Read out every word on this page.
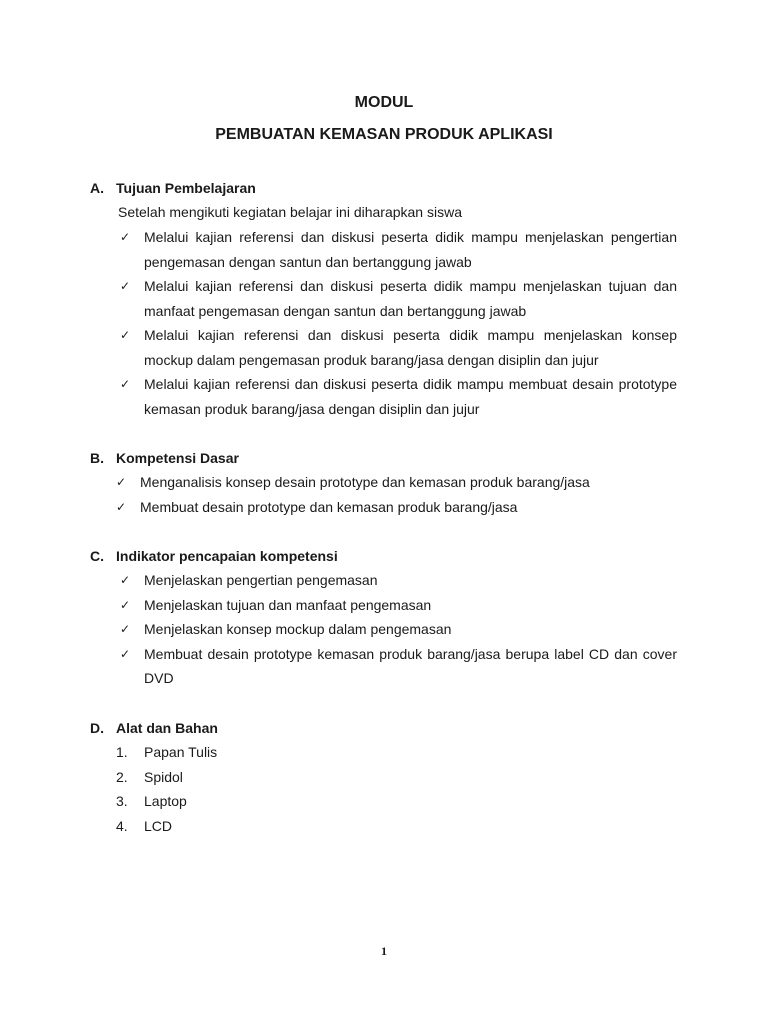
MODUL
PEMBUATAN KEMASAN PRODUK APLIKASI
A. Tujuan Pembelajaran

Setelah mengikuti kegiatan belajar ini diharapkan siswa

✓ Melalui kajian referensi dan diskusi peserta didik mampu menjelaskan pengertian pengemasan dengan santun dan bertanggung jawab
✓ Melalui kajian referensi dan diskusi peserta didik mampu menjelaskan tujuan dan manfaat pengemasan dengan santun dan bertanggung jawab
✓ Melalui kajian referensi dan diskusi peserta didik mampu menjelaskan konsep mockup dalam pengemasan produk barang/jasa dengan disiplin dan jujur
✓ Melalui kajian referensi dan diskusi peserta didik mampu membuat desain prototype kemasan produk barang/jasa dengan disiplin dan jujur
B. Kompetensi Dasar
✓ Menganalisis konsep desain prototype dan kemasan produk barang/jasa
✓ Membuat desain prototype dan kemasan produk barang/jasa
C. Indikator pencapaian kompetensi
✓ Menjelaskan pengertian pengemasan
✓ Menjelaskan tujuan dan manfaat pengemasan
✓ Menjelaskan konsep mockup dalam pengemasan
✓ Membuat desain prototype kemasan produk barang/jasa berupa label CD dan cover DVD
D. Alat dan Bahan
1. Papan Tulis
2. Spidol
3. Laptop
4. LCD

1
